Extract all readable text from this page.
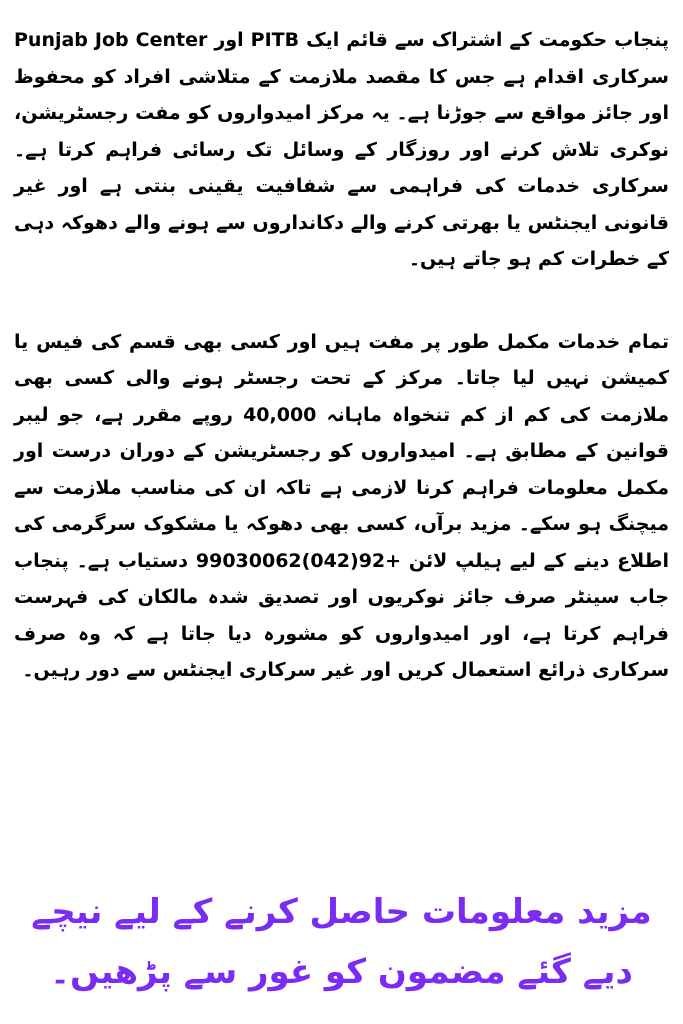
Punjab Job Center اور PITB پنجاب حکومت کے اشتراک سے قائم ایک سرکاری اقدام ہے جس کا مقصد ملازمت کے متلاشی افراد کو محفوظ اور جائز مواقع سے جوڑنا ہے۔ یہ مرکز امیدواروں کو مفت رجسٹریشن، نوکری تلاش کرنے اور روزگار کے وسائل تک رسائی فراہم کرتا ہے۔ سرکاری خدمات کی فراہمی سے شفافیت یقینی بنتی ہے اور غیر قانونی ایجنٹس یا بھرتی کرنے والے دکانداروں سے ہونے والے دھوکہ دہی کے خطرات کم ہو جاتے ہیں۔

تمام خدمات مکمل طور پر مفت ہیں اور کسی بھی قسم کی فیس یا کمیشن نہیں لیا جاتا۔ مرکز کے تحت رجسٹر ہونے والی کسی بھی ملازمت کی کم از کم تنخواہ ماہانہ 40,000 روپے مقرر ہے، جو لیبر قوانین کے مطابق ہے۔ امیدواروں کو رجسٹریشن کے دوران درست اور مکمل معلومات فراہم کرنا لازمی ہے تاکہ ان کی مناسب ملازمت سے میچنگ ہو سکے۔ مزید برآں، کسی بھی دھوکہ یا مشکوک سرگرمی کی اطلاع دینے کے لیے ہیلپ لائن +92(042)99030062 دستیاب ہے۔ پنجاب جاب سینٹر صرف جائز نوکریوں اور تصدیق شدہ مالکان کی فہرست فراہم کرتا ہے، اور امیدواروں کو مشورہ دیا جاتا ہے کہ وہ صرف سرکاری ذرائع استعمال کریں اور غیر سرکاری ایجنٹس سے دور رہیں۔

مزید معلومات حاصل کرنے کے لیے نیچے دیے گئے مضمون کو غور سے پڑھیں۔
